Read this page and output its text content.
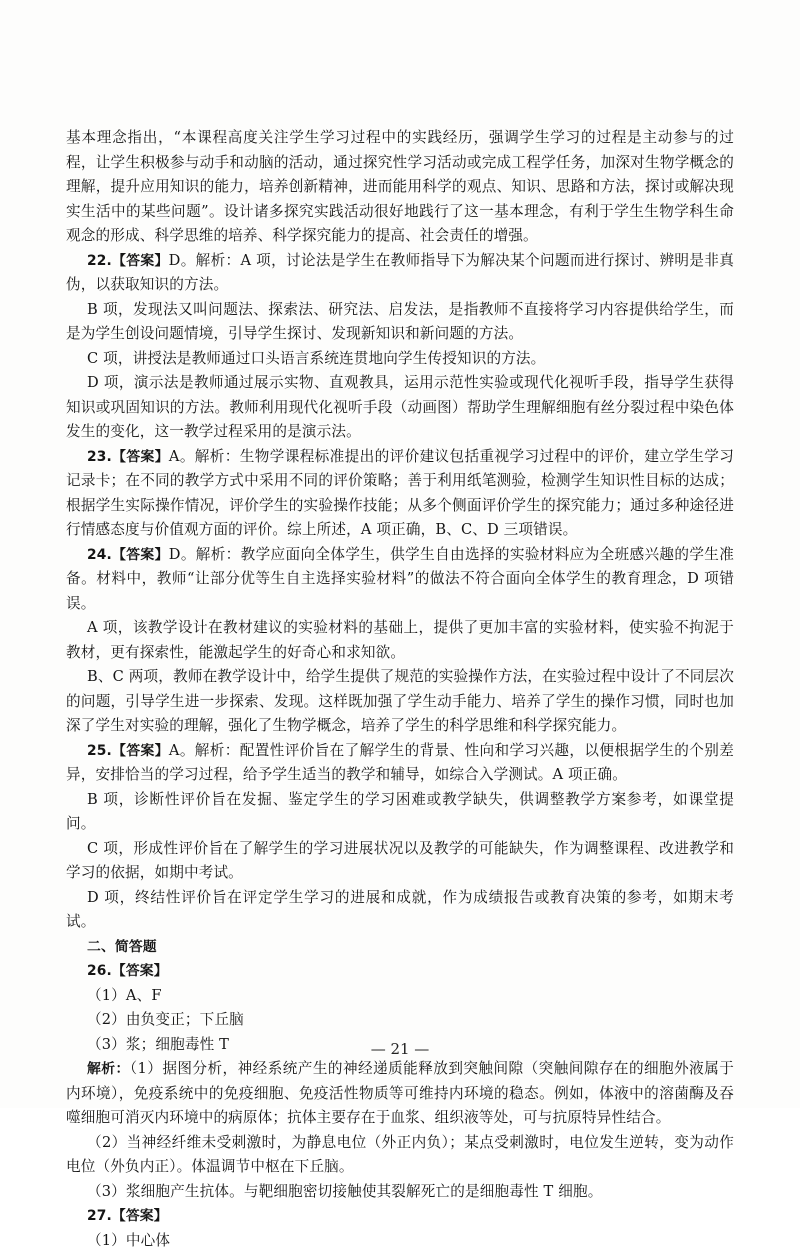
基本理念指出，“本课程高度关注学生学习过程中的实践经历，强调学生学习的过程是主动参与的过程，让学生积极参与动手和动脑的活动，通过探究性学习活动或完成工程学任务，加深对生物学概念的理解，提升应用知识的能力，培养创新精神，进而能用科学的观点、知识、思路和方法，探讨或解决现实生活中的某些问题”。设计诸多探究实践活动很好地践行了这一基本理念，有利于学生生物学科生命观念的形成、科学思维的培养、科学探究能力的提高、社会责任的增强。

22.【答案】D。解析：A 项，讨论法是学生在教师指导下为解决某个问题而进行探讨、辨明是非真伪，以获取知识的方法。

B 项，发现法又叫问题法、探索法、研究法、启发法，是指教师不直接将学习内容提供给学生，而是为学生创设问题情境，引导学生探讨、发现新知识和新问题的方法。

C 项，讲授法是教师通过口头语言系统连贯地向学生传授知识的方法。

D 项，演示法是教师通过展示实物、直观教具，运用示范性实验或现代化视听手段，指导学生获得知识或巩固知识的方法。教师利用现代化视听手段（动画图）帮助学生理解细胞有丝分裂过程中染色体发生的变化，这一教学过程采用的是演示法。

23.【答案】A。解析：生物学课程标准提出的评价建议包括重视学习过程中的评价，建立学生学习记录卡；在不同的教学方式中采用不同的评价策略；善于利用纸笔测验，检测学生知识性目标的达成；根据学生实际操作情况，评价学生的实验操作技能；从多个侧面评价学生的探究能力；通过多种途径进行情感态度与价值观方面的评价。综上所述，A 项正确，B、C、D 三项错误。

24.【答案】D。解析：教学应面向全体学生，供学生自由选择的实验材料应为全班感兴趣的学生准备。材料中，教师“让部分优等生自主选择实验材料”的做法不符合面向全体学生的教育理念，D 项错误。

A 项，该教学设计在教材建议的实验材料的基础上，提供了更加丰富的实验材料，使实验不拘泥于教材，更有探索性，能激起学生的好奇心和求知欲。

B、C 两项，教师在教学设计中，给学生提供了规范的实验操作方法，在实验过程中设计了不同层次的问题，引导学生进一步探索、发现。这样既加强了学生动手能力、培养了学生的操作习惯，同时也加深了学生对实验的理解，强化了生物学概念，培养了学生的科学思维和科学探究能力。

25.【答案】A。解析：配置性评价旨在了解学生的背景、性向和学习兴趣，以便根据学生的个别差异，安排恰当的学习过程，给予学生适当的教学和辅导，如综合入学测试。A 项正确。

B 项，诊断性评价旨在发掘、鉴定学生的学习困难或教学缺失，供调整教学方案参考，如课堂提问。

C 项，形成性评价旨在了解学生的学习进展状况以及教学的可能缺失，作为调整课程、改进教学和学习的依据，如期中考试。

D 项，终结性评价旨在评定学生学习的进展和成就，作为成绩报告或教育决策的参考，如期末考试。

二、简答题

26.【答案】

（1）A、F

（2）由负变正；下丘脑

（3）浆；细胞毒性 T

解析：（1）据图分析，神经系统产生的神经递质能释放到突触间隙（突触间隙存在的细胞外液属于内环境），免疫系统中的免疫细胞、免疫活性物质等可维持内环境的稳态。例如，体液中的溶菌酶及吞噬细胞可消灭内环境中的病原体；抗体主要存在于血浆、组织液等处，可与抗原特异性结合。

（2）当神经纤维未受刺激时，为静息电位（外正内负）；某点受刺激时，电位发生逆转，变为动作电位（外负内正）。体温调节中枢在下丘脑。

（3）浆细胞产生抗体。与靶细胞密切接触使其裂解死亡的是细胞毒性 T 细胞。

27.【答案】

（1）中心体

— 21 —
